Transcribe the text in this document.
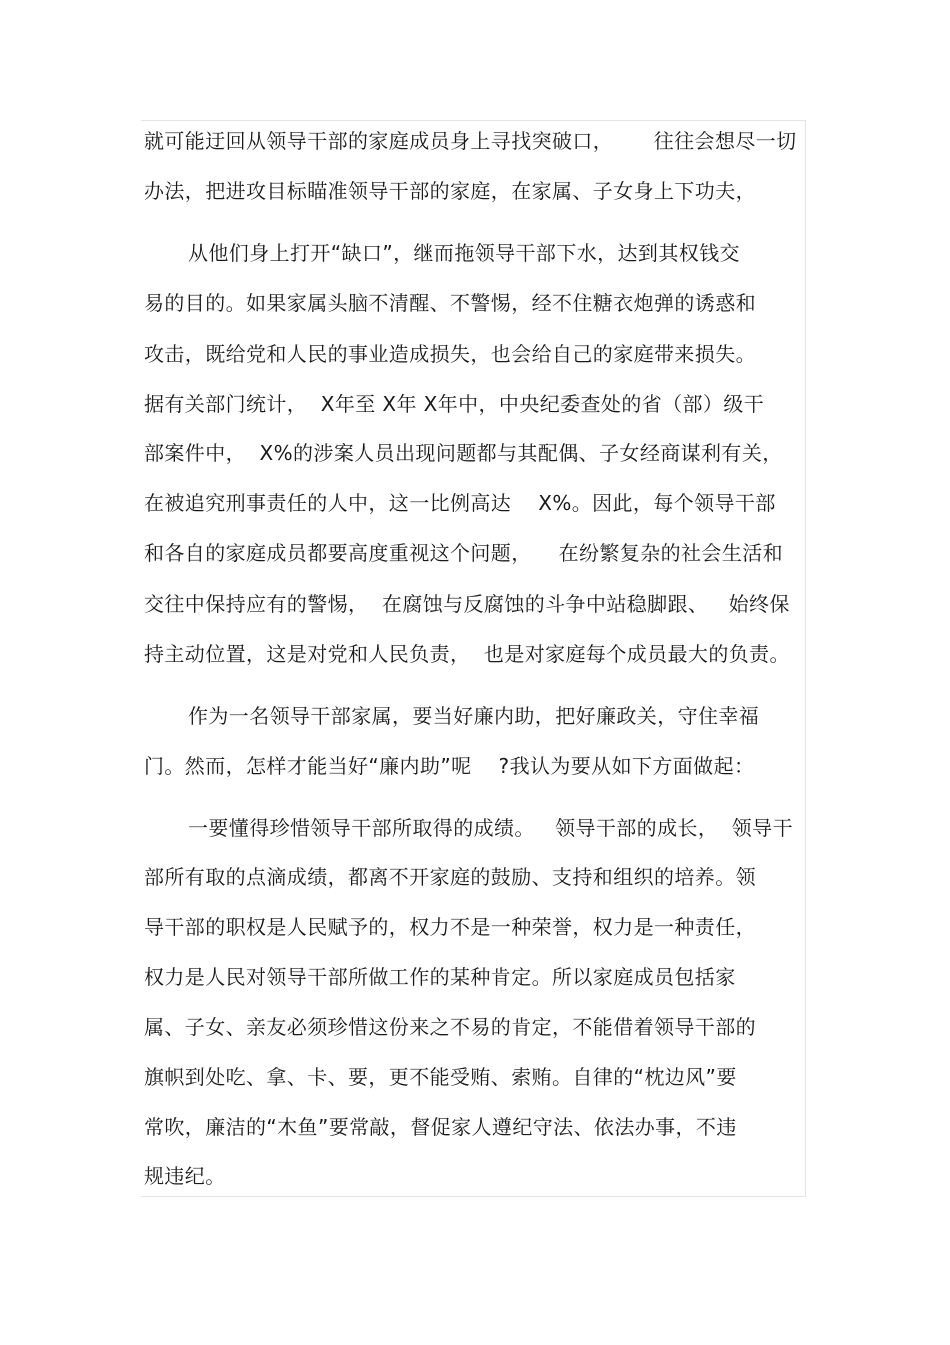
就可能迂回从领导干部的家庭成员身上寻找突破口，      往往会想尽一切
办法，把进攻目标瞄准领导干部的家庭，在家属、子女身上下功夫，
从他们身上打开“缺口”，继而拖领导干部下水，达到其权钱交
易的目的。如果家属头脑不清醒、不警惕，经不住糖衣炮弹的诱惑和
攻击，既给党和人民的事业造成损失，也会给自己的家庭带来损失。
据有关部门统计，  X年至 X年 X年中，中央纪委查处的省（部）级干
部案件中，  X%的涉案人员出现问题都与其配偶、子女经商谋利有关，
在被追究刑事责任的人中，这一比例高达    X%。因此，每个领导干部
和各自的家庭成员都要高度重视这个问题，    在纷繁复杂的社会生活和
交往中保持应有的警惕，  在腐蚀与反腐蚀的斗争中站稳脚跟、   始终保
持主动位置，这是对党和人民负责，  也是对家庭每个成员最大的负责。
作为一名领导干部家属，要当好廉内助，把好廉政关，守住幸福
门。然而，怎样才能当好“廉内助”呢    ?我认为要从如下方面做起：
一要懂得珍惜领导干部所取得的成绩。   领导干部的成长，  领导干
部所有取的点滴成绩，都离不开家庭的鼓励、支持和组织的培养。领
导干部的职权是人民赋予的，权力不是一种荣誉，权力是一种责任，
权力是人民对领导干部所做工作的某种肯定。所以家庭成员包括家
属、子女、亲友必须珍惜这份来之不易的肯定，不能借着领导干部的
旗帜到处吃、拿、卡、要，更不能受贿、索贿。自律的“枕边风”要
常吹，廉洁的“木鱼”要常敲，督促家人遵纪守法、依法办事，不违
规违纪。
